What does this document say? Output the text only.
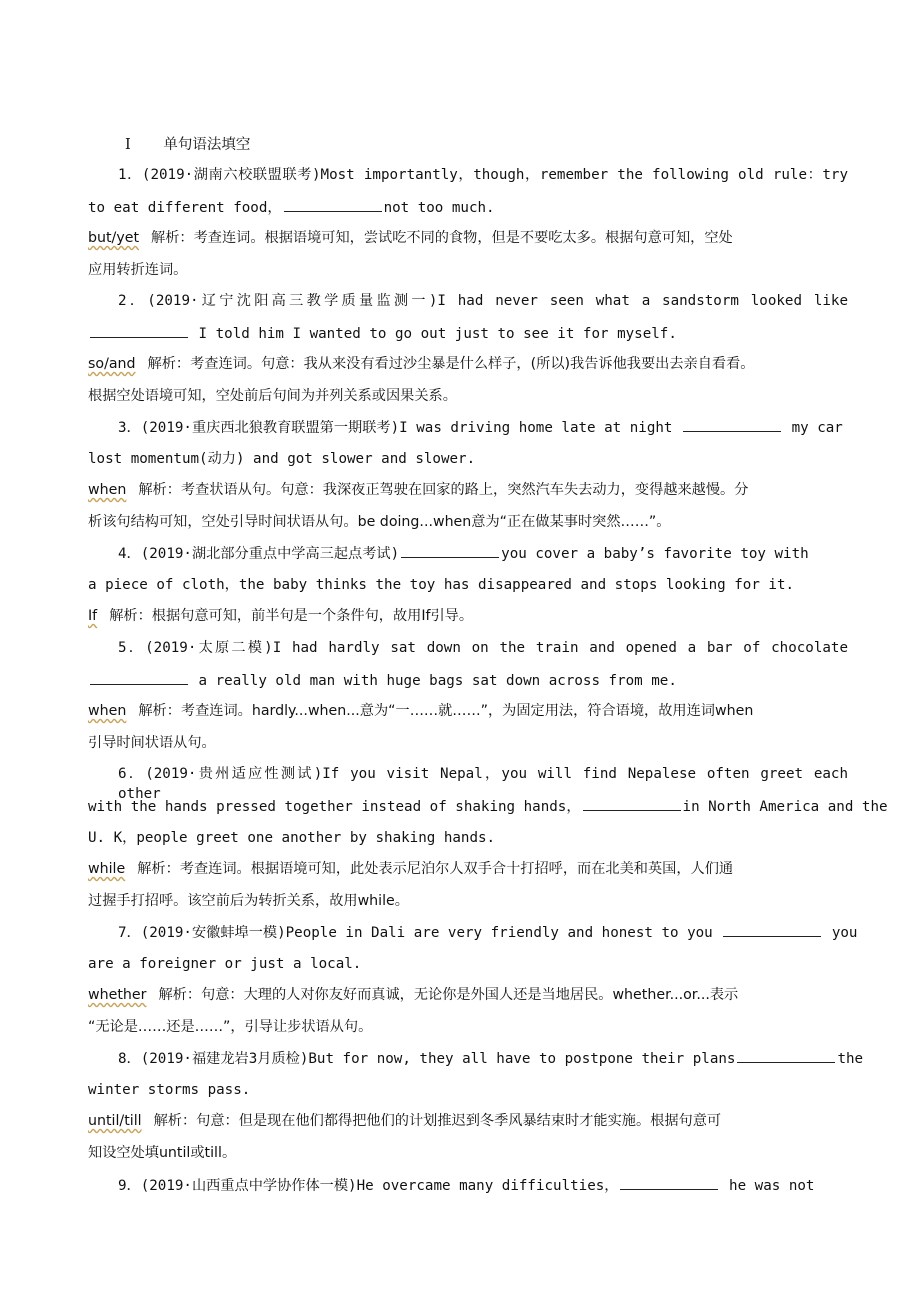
Ⅰ 单句语法填空
1．(2019·湖南六校联盟联考)Most importantly，though，remember the following old rule：try
to eat different food，	not too much.
but/yet 解析：考查连词。根据语境可知，尝试吃不同的食物，但是不要吃太多。根据句意可知，空处
应用转折连词。
2．(2019·辽宁沈阳高三教学质量监测一)I had never seen what a sandstorm looked like
I told him I wanted to go out just to see it for myself.
so/and 解析：考查连词。句意：我从来没有看过沙尘暴是什么样子，(所以)我告诉他我要出去亲自看看。
根据空处语境可知，空处前后句间为并列关系或因果关系。
3．(2019·重庆西北狼教育联盟第一期联考)I was driving home late at night	my car
lost momentum(动力) and got slower and slower.
when 解析：考查状语从句。句意：我深夜正驾驶在回家的路上，突然汽车失去动力，变得越来越慢。分
析该句结构可知，空处引导时间状语从句。be doing...when意为“正在做某事时突然……”。
4．(2019·湖北部分重点中学高三起点考试)	you cover a baby’s favorite toy with
a piece of cloth，the baby thinks the toy has disappeared and stops looking for it.
If 解析：根据句意可知，前半句是一个条件句，故用If引导。
5．(2019·太原二模)I had hardly sat down on the train and opened a bar of chocolate
a really old man with huge bags sat down across from me.
when 解析：考查连词。hardly...when...意为“一……就……”，为固定用法，符合语境，故用连词when
引导时间状语从句。
6．(2019·贵州适应性测试)If you visit Nepal，you will find Nepalese often greet each other
with the hands pressed together instead of shaking hands，	in North America and the
U. K，people greet one another by shaking hands.
while 解析：考查连词。根据语境可知，此处表示尼泊尔人双手合十打招呼，而在北美和英国，人们通
过握手打招呼。该空前后为转折关系，故用while。
7．(2019·安徽蚌埠一模)People in Dali are very friendly and honest to you	you
are a foreigner or just a local.
whether 解析：句意：大理的人对你友好而真诚，无论你是外国人还是当地居民。whether...or...表示
“无论是……还是……”，引导让步状语从句。
8．(2019·福建龙岩3月质检)But for now, they all have to postpone their plans	the
winter storms pass.
until/till 解析：句意：但是现在他们都得把他们的计划推迟到冬季风暴结束时才能实施。根据句意可
知设空处填until或till。
9．(2019·山西重点中学协作体一模)He overcame many difficulties，	he was not
